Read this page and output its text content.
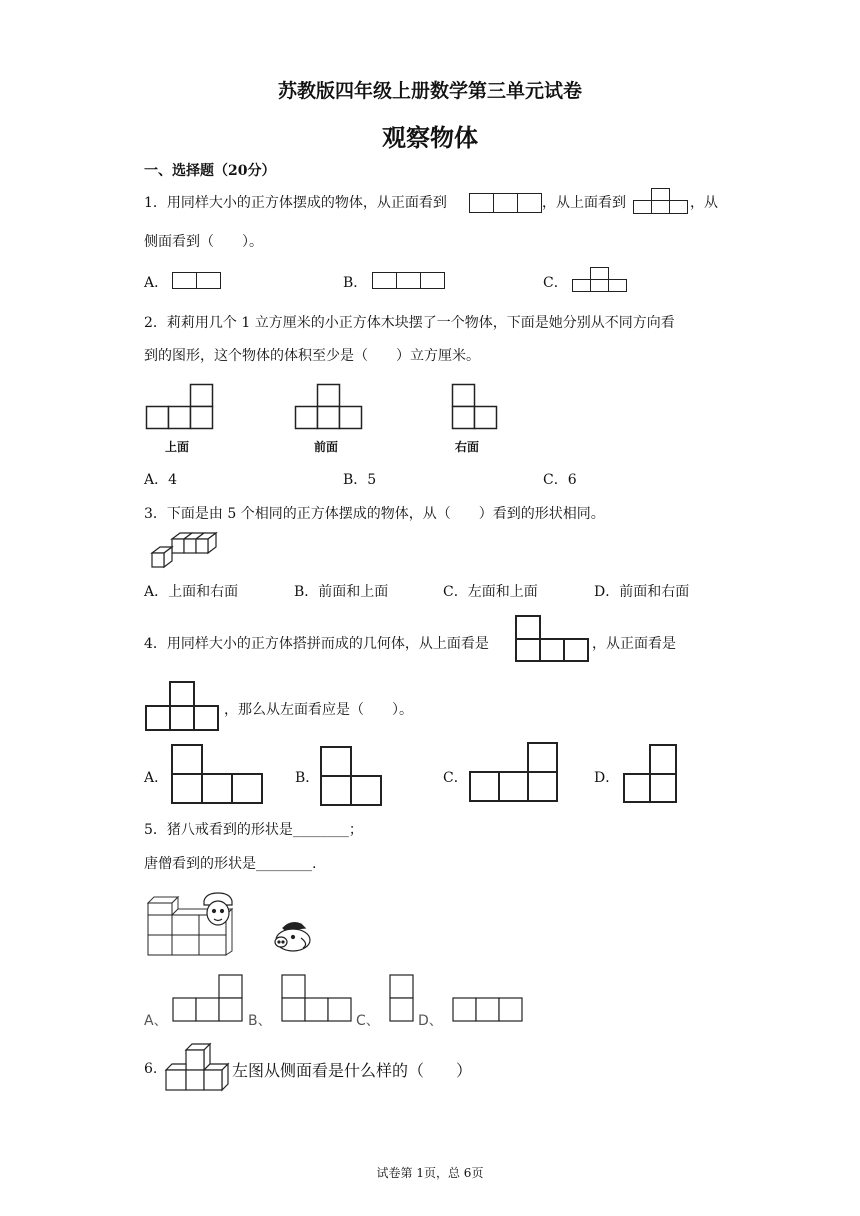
苏教版四年级上册数学第三单元试卷
观察物体
一、选择题（20分）
1．用同样大小的正方体摆成的物体，从正面看到	，从上面看到	，从
侧面看到（　　）。
A．	B．	C．
2．莉莉用几个 1 立方厘米的小正方体木块摆了一个物体，下面是她分别从不同方向看
到的图形，这个物体的体积至少是（　　）立方厘米。
上面	前面	右面
A．4	B．5	C．6
3．下面是由 5 个相同的正方体摆成的物体，从（　　）看到的形状相同。
A．上面和右面	B．前面和上面	C．左面和上面	D．前面和右面
4．用同样大小的正方体搭拼而成的几何体，从上面看是	，从正面看是
，那么从左面看应是（　　）。
A．	B．	C．	D．
5．猪八戒看到的形状是________；
唐僧看到的形状是________.
A、	B、	C、	D、
6.	左图从侧面看是什么样的（　　）
试卷第 1页，总 6页
